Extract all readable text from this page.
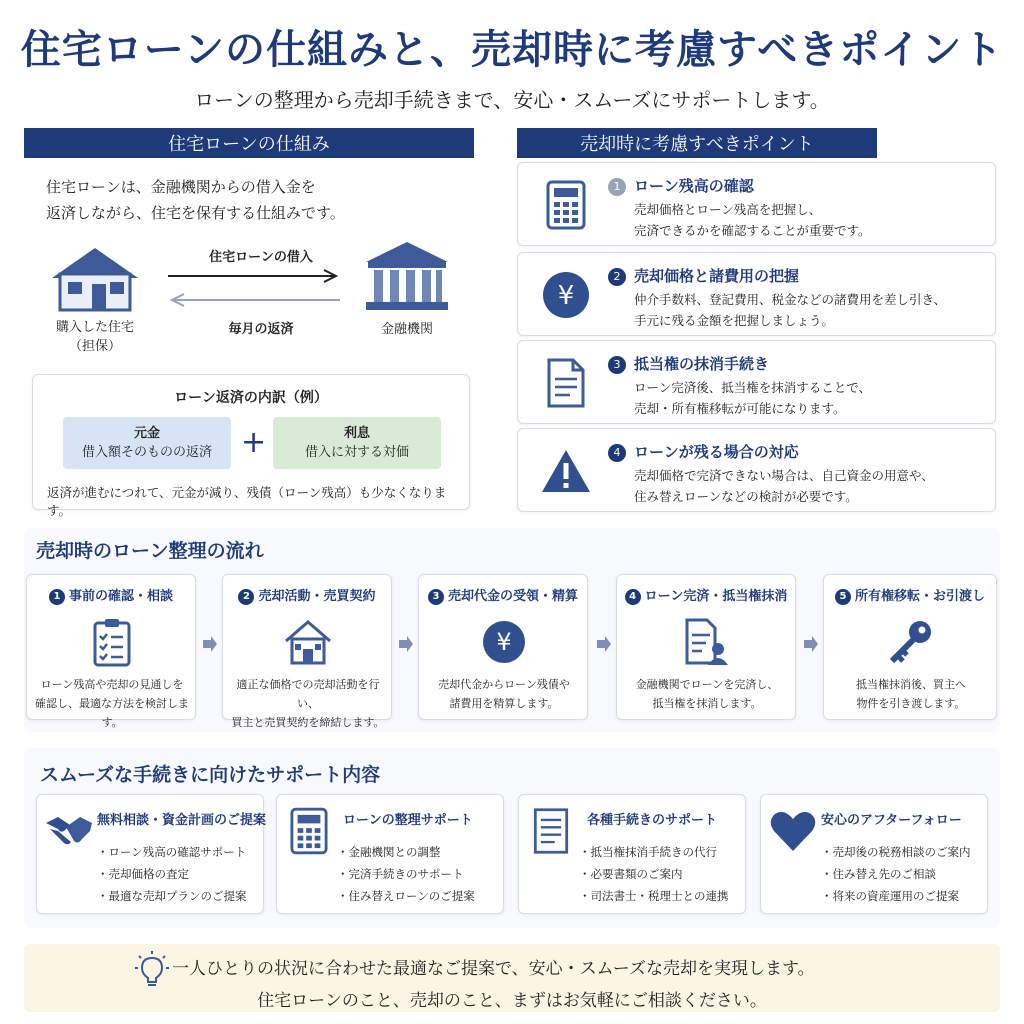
住宅ローンの仕組みと、売却時に考慮すべきポイント
ローンの整理から売却手続きまで、安心・スムーズにサポートします。
住宅ローンの仕組み
住宅ローンは、金融機関からの借入金を
返済しながら、住宅を保有する仕組みです。
購入した住宅
（担保）
住宅ローンの借入
毎月の返済	金融機関
ローン返済の内訳（例）
元金
借入額そのものの返済 +	利息
借入に対する対価
返済が進むにつれて、元金が減り、残債（ローン残高）も少なくなります。
売却時に考慮すべきポイント
1 ローン残高の確認
売却価格とローン残高を把握し、
完済できるかを確認することが重要です。
¥
2 売却価格と諸費用の把握
仲介手数料、登記費用、税金などの諸費用を差し引き、
手元に残る金額を把握しましょう。
3 抵当権の抹消手続き
ローン完済後、抵当権を抹消することで、
売却・所有権移転が可能になります。
4 ローンが残る場合の対応
売却価格で完済できない場合は、自己資金の用意や、
住み替えローンなどの検討が必要です。
売却時のローン整理の流れ
1 事前の確認・相談
ローン残高や売却の見通しを
確認し、最適な方法を検討します。
2 売却活動・売買契約
適正な価格での売却活動を行い、
買主と売買契約を締結します。
3 売却代金の受領・精算
¥
売却代金からローン残債や
諸費用を精算します。
4 ローン完済・抵当権抹消
金融機関でローンを完済し、
抵当権を抹消します。
5 所有権移転・お引渡し
抵当権抹消後、買主へ
物件を引き渡します。
スムーズな手続きに向けたサポート内容
無料相談・資金計画のご提案
・ ローン残高の確認サポート
・ 売却価格の査定
・ 最適な売却プランのご提案
ローンの整理サポート
・ 金融機関との調整
・ 完済手続きのサポート
・ 住み替えローンのご提案
各種手続きのサポート
・ 抵当権抹消手続きの代行
・ 必要書類のご案内
・ 司法書士・税理士との連携
安心のアフターフォロー
・ 売却後の税務相談のご案内
・ 住み替え先のご相談
・ 将来の資産運用のご提案
一人ひとりの状況に合わせた最適なご提案で、安心・スムーズな売却を実現します。
住宅ローンのこと、売却のこと、まずはお気軽にご相談ください。
